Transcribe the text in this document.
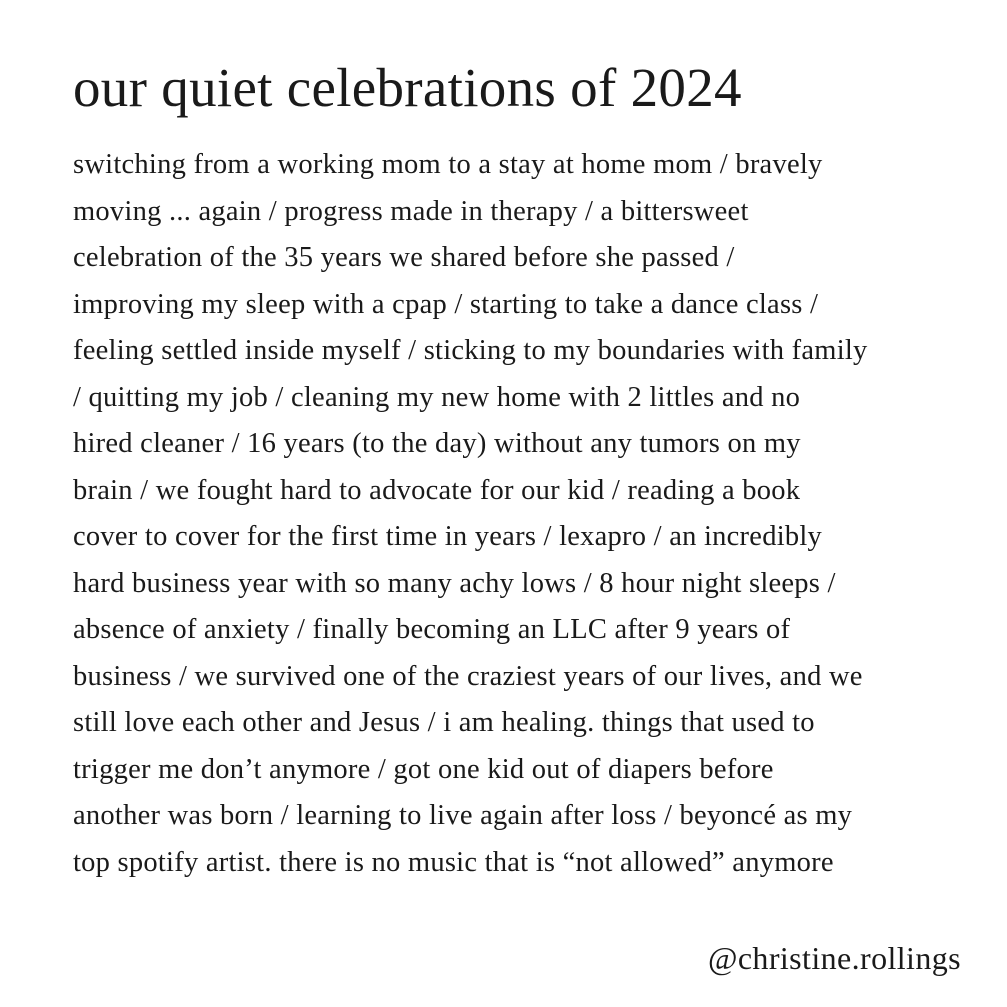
our quiet celebrations of 2024
switching from a working mom to a stay at home mom / bravely
moving ... again / progress made in therapy / a bittersweet
celebration of the 35 years we shared before she passed /
improving my sleep with a cpap / starting to take a dance class /
feeling settled inside myself / sticking to my boundaries with family
/ quitting my job / cleaning my new home with 2 littles and no
hired cleaner / 16 years (to the day) without any tumors on my
brain / we fought hard to advocate for our kid / reading a book
cover to cover for the first time in years / lexapro / an incredibly
hard business year with so many achy lows / 8 hour night sleeps /
absence of anxiety / finally becoming an LLC after 9 years of
business / we survived one of the craziest years of our lives, and we
still love each other and Jesus / i am healing. things that used to
trigger me don’t anymore / got one kid out of diapers before
another was born / learning to live again after loss / beyoncé as my
top spotify artist. there is no music that is “not allowed” anymore

@christine.rollings
